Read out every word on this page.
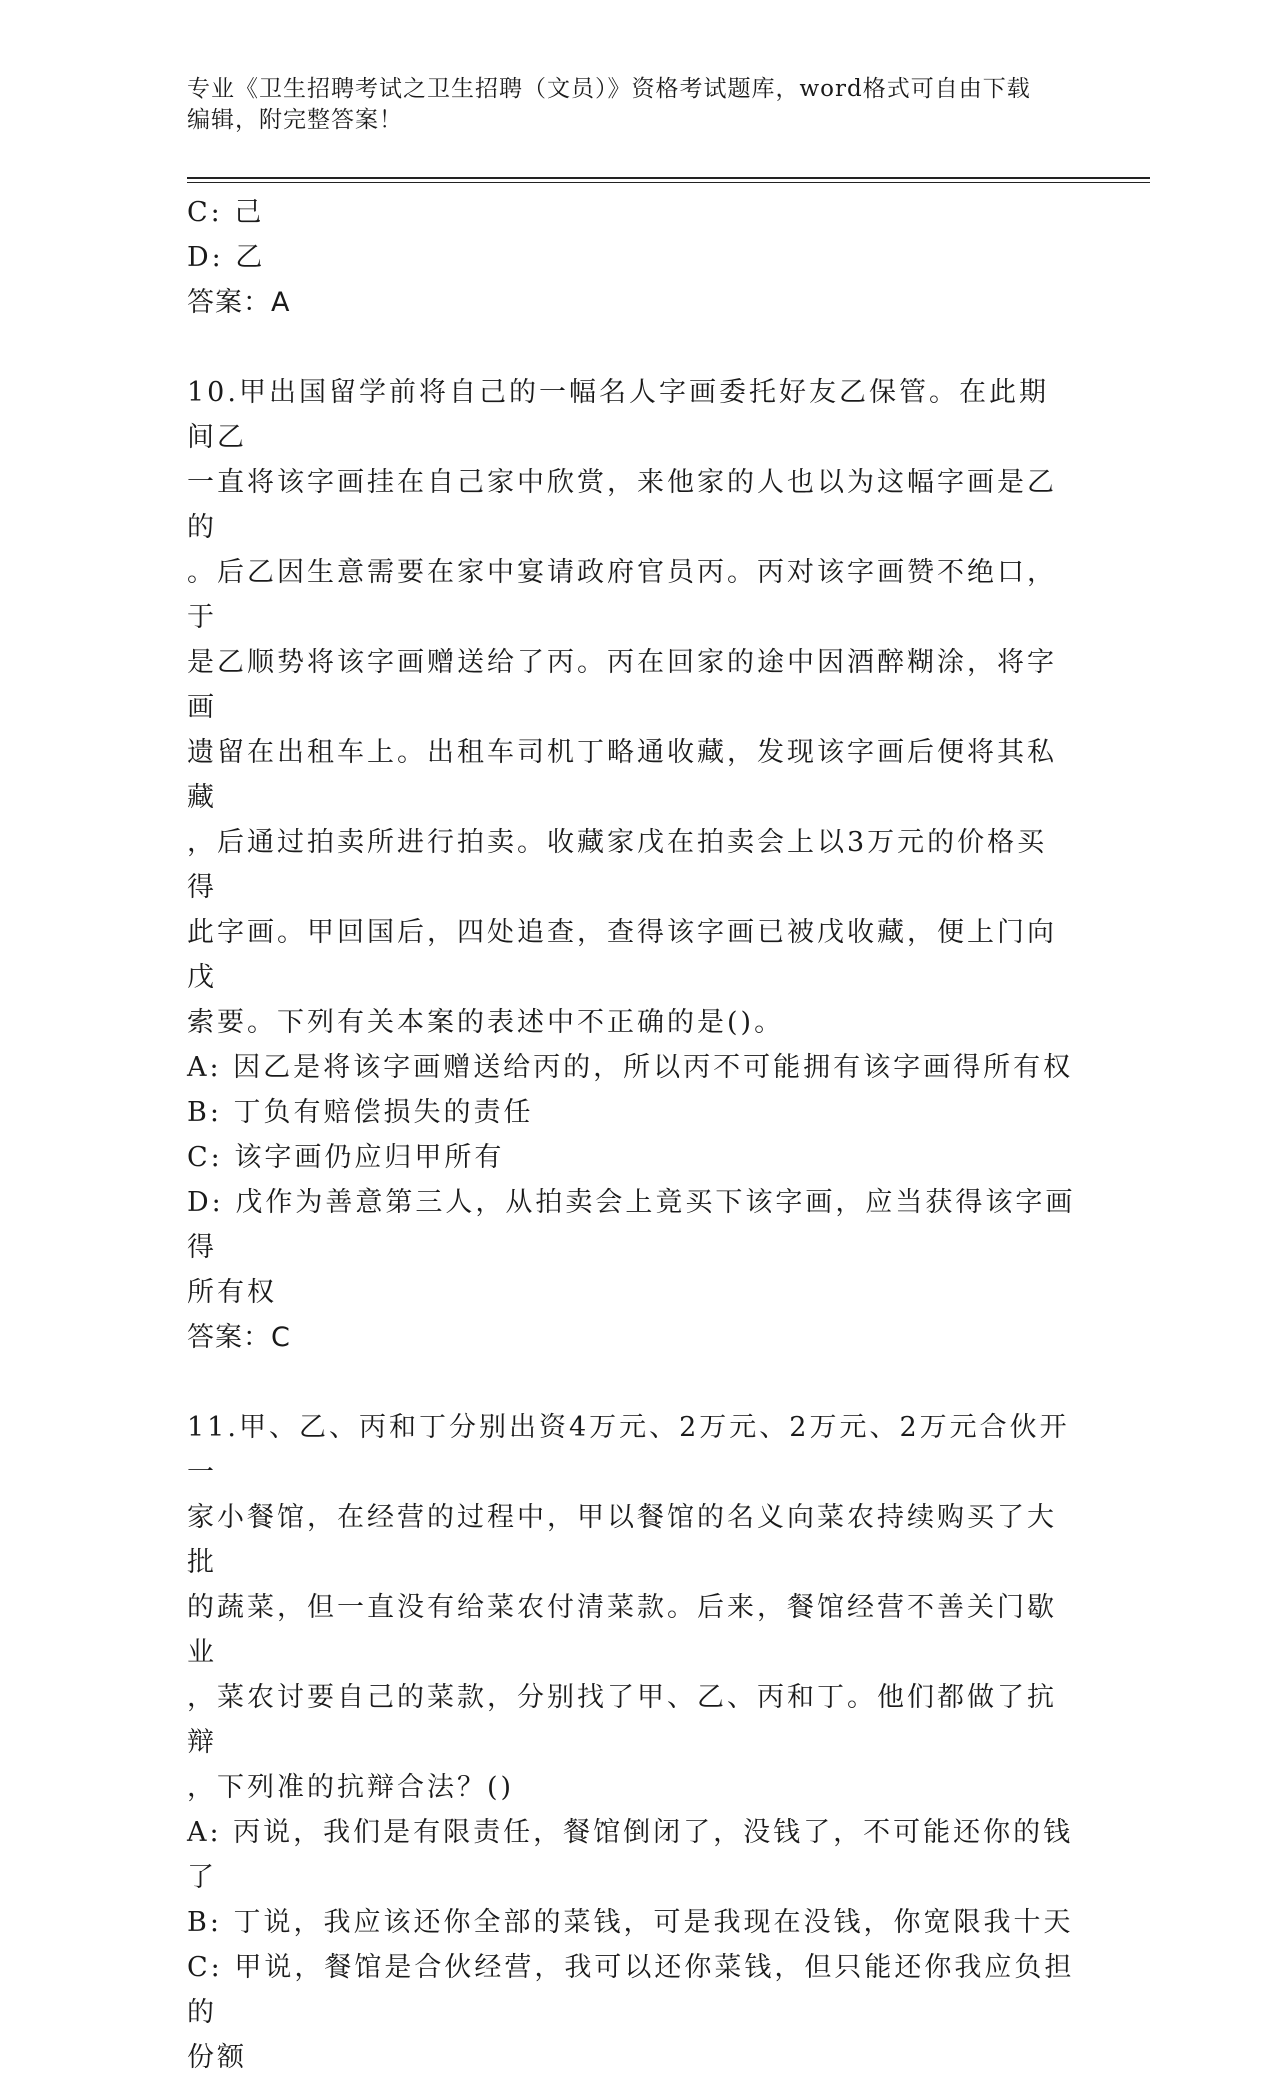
专业《卫生招聘考试之卫生招聘（文员）》资格考试题库，word格式可自由下载
编辑，附完整答案！

C: 己

D: 乙

答案：A

10.甲出国留学前将自己的一幅名人字画委托好友乙保管。在此期间乙

一直将该字画挂在自己家中欣赏，来他家的人也以为这幅字画是乙的

。后乙因生意需要在家中宴请政府官员丙。丙对该字画赞不绝口，于

是乙顺势将该字画赠送给了丙。丙在回家的途中因酒醉糊涂，将字画

遗留在出租车上。出租车司机丁略通收藏，发现该字画后便将其私藏

，后通过拍卖所进行拍卖。收藏家戊在拍卖会上以3万元的价格买得

此字画。甲回国后，四处追查，查得该字画已被戊收藏，便上门向戊

索要。下列有关本案的表述中不正确的是()。

A: 因乙是将该字画赠送给丙的，所以丙不可能拥有该字画得所有权

B: 丁负有赔偿损失的责任

C: 该字画仍应归甲所有

D: 戊作为善意第三人，从拍卖会上竟买下该字画，应当获得该字画得

所有权

答案：C

11.甲、乙、丙和丁分别出资4万元、2万元、2万元、2万元合伙开一

家小餐馆，在经营的过程中，甲以餐馆的名义向菜农持续购买了大批

的蔬菜，但一直没有给菜农付清菜款。后来，餐馆经营不善关门歇业

，菜农讨要自己的菜款，分别找了甲、乙、丙和丁。他们都做了抗辩

，下列准的抗辩合法？()

A: 丙说，我们是有限责任，餐馆倒闭了，没钱了，不可能还你的钱了

B: 丁说，我应该还你全部的菜钱，可是我现在没钱，你宽限我十天

C: 甲说，餐馆是合伙经营，我可以还你菜钱，但只能还你我应负担的

份额
